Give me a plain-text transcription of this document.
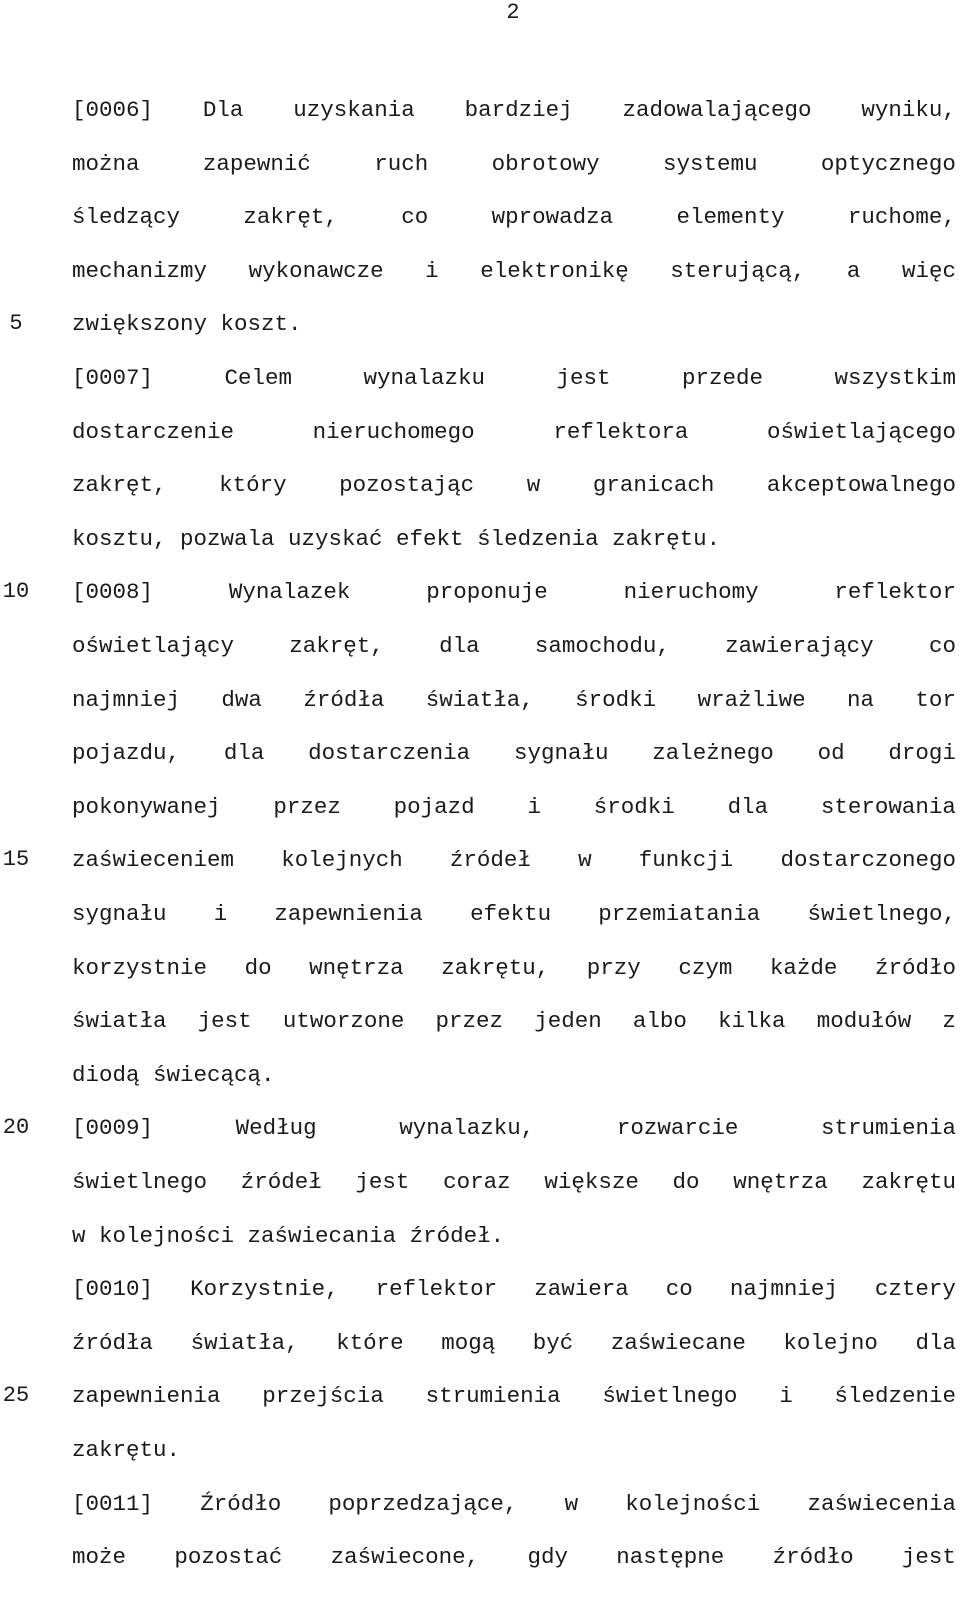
2
[0006] Dla uzyskania bardziej zadowalającego wyniku,
można	zapewnić	ruch	obrotowy	systemu	optycznego
śledzący	zakręt,	co	wprowadza	elementy	ruchome,
mechanizmy wykonawcze i elektronikę sterującą, a więc
zwiększony koszt.
[0007]	Celem	wynalazku	jest	przede	wszystkim
dostarczenie	nieruchomego	reflektora	oświetlającego
zakręt, który pozostając w granicach akceptowalnego
kosztu, pozwala uzyskać efekt śledzenia zakrętu.
[0008]	Wynalazek	proponuje	nieruchomy	reflektor
oświetlający zakręt, dla samochodu, zawierający co
najmniej dwa źródła światła, środki wrażliwe na tor
pojazdu, dla dostarczenia sygnału zależnego od drogi
pokonywanej przez pojazd i środki dla sterowania
zaświeceniem kolejnych źródeł w funkcji dostarczonego
sygnału i zapewnienia efektu przemiatania świetlnego,
korzystnie do wnętrza zakrętu, przy czym każde źródło
światła jest utworzone przez jeden albo kilka modułów z
diodą świecącą.
[0009]	Według	wynalazku,	rozwarcie	strumienia
świetlnego źródeł jest coraz większe do wnętrza zakrętu
w kolejności zaświecania źródeł.
[0010] Korzystnie, reflektor zawiera co najmniej cztery
źródła światła, które mogą być zaświecane kolejno dla
zapewnienia przejścia strumienia świetlnego i śledzenie
zakrętu.
[0011] Źródło poprzedzające, w kolejności zaświecenia
może pozostać zaświecone, gdy następne źródło jest
5
10
15
20
25
